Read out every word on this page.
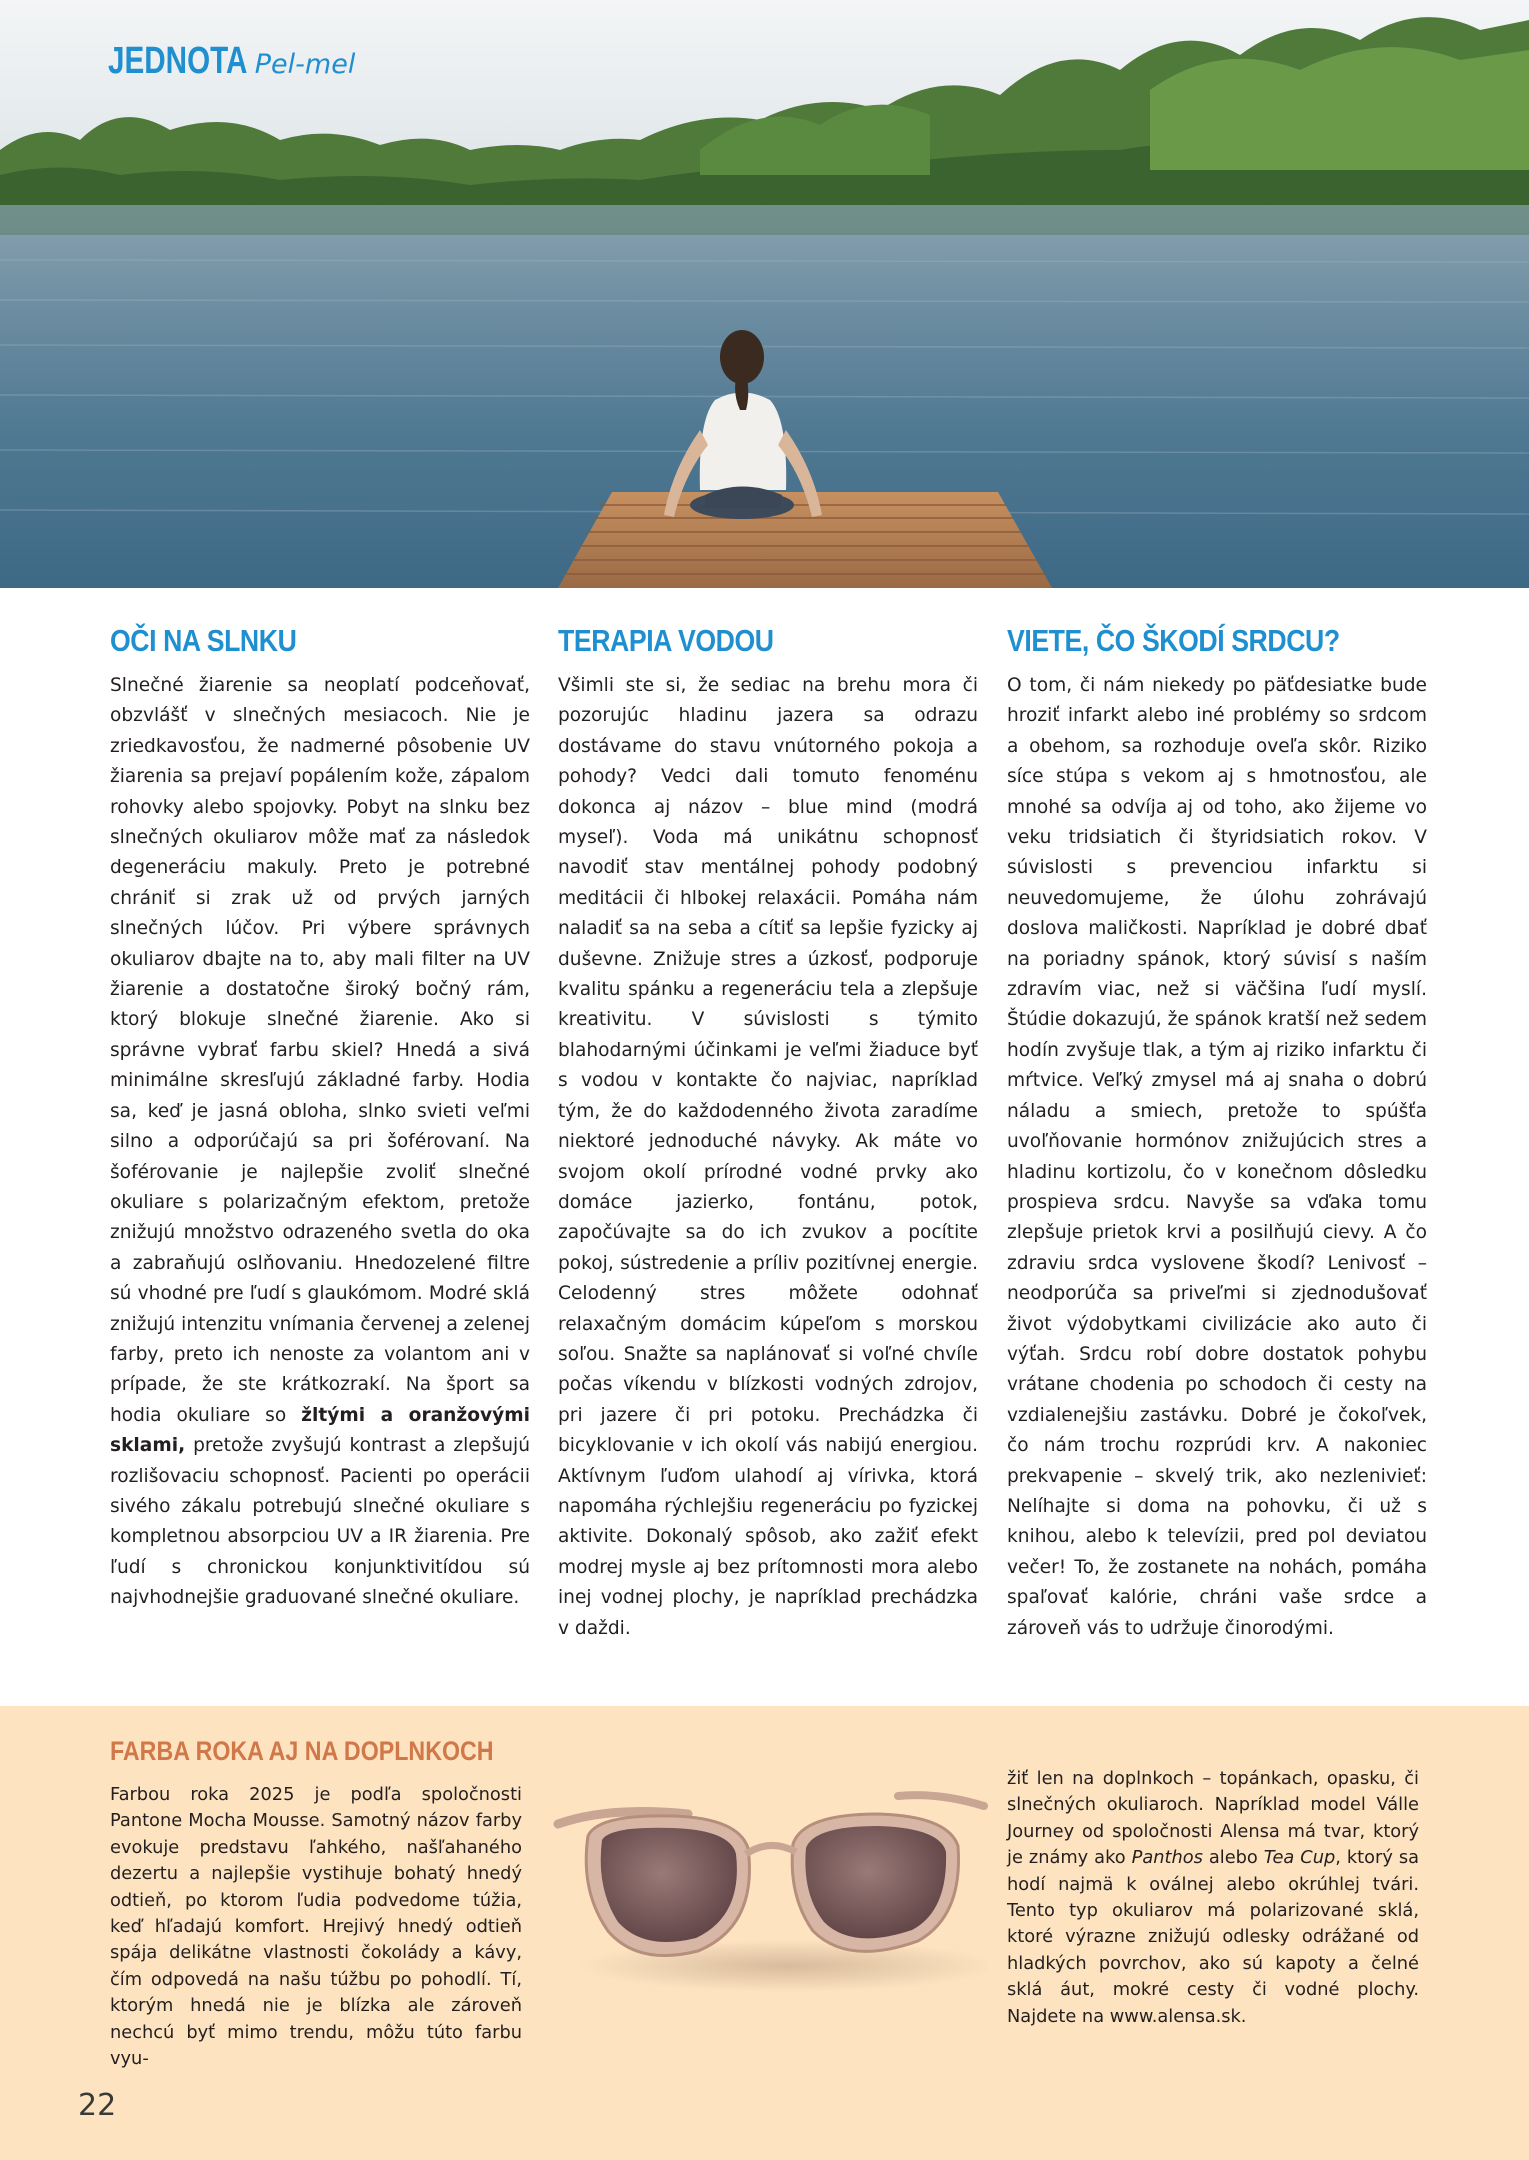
JEDNOTA Pel-mel
OČI NA SLNKU

Slnečné žiarenie sa neoplatí podceňovať, obzvlášť v slnečných mesiacoch. Nie je zriedkavosťou, že nadmerné pôsobenie UV žiarenia sa prejaví popálením kože, zápalom rohovky alebo spojovky. Pobyt na slnku bez slnečných okuliarov môže mať za následok degeneráciu makuly. Preto je potrebné chrániť si zrak už od prvých jarných slnečných lúčov. Pri výbere správnych okuliarov dbajte na to, aby mali filter na UV žiarenie a dostatočne široký bočný rám, ktorý blokuje slnečné žiarenie. Ako si správne vybrať farbu skiel? Hnedá a sivá minimálne skresľujú základné farby. Hodia sa, keď je jasná obloha, slnko svieti veľmi silno a odporúčajú sa pri šoférovaní. Na šoférovanie je najlepšie zvoliť slnečné okuliare s polarizačným efektom, pretože znižujú množstvo odrazeného svetla do oka a zabraňujú oslňovaniu. Hnedozelené filtre sú vhodné pre ľudí s glaukómom. Modré sklá znižujú intenzitu vnímania červenej a zelenej farby, preto ich nenoste za volantom ani v prípade, že ste krátkozrakí. Na šport sa hodia okuliare so žltými a oranžovými sklami, pretože zvyšujú kontrast a zlepšujú rozlišovaciu schopnosť. Pacienti po operácii sivého zákalu potrebujú slnečné okuliare s kompletnou absorpciou UV a IR žiarenia. Pre ľudí s chronickou konjunktivitídou sú najvhodnejšie graduované slnečné okuliare.

TERAPIA VODOU

Všimli ste si, že sediac na brehu mora či pozorujúc hladinu jazera sa odrazu dostávame do stavu vnútorného pokoja a pohody? Vedci dali tomuto fenoménu dokonca aj názov – blue mind (modrá myseľ). Voda má unikátnu schopnosť navodiť stav mentálnej pohody podobný meditácii či hlbokej relaxácii. Pomáha nám naladiť sa na seba a cítiť sa lepšie fyzicky aj duševne. Znižuje stres a úzkosť, podporuje kvalitu spánku a regeneráciu tela a zlepšuje kreativitu. V súvislosti s týmito blahodarnými účinkami je veľmi žiaduce byť s vodou v kontakte čo najviac, napríklad tým, že do každodenného života zaradíme niektoré jednoduché návyky. Ak máte vo svojom okolí prírodné vodné prvky ako domáce jazierko, fontánu, potok, započúvajte sa do ich zvukov a pocítite pokoj, sústredenie a príliv pozitívnej energie. Celodenný stres môžete odohnať relaxačným domácim kúpeľom s morskou soľou. Snažte sa naplánovať si voľné chvíle počas víkendu v blízkosti vodných zdrojov, pri jazere či pri potoku. Prechádzka či bicyklovanie v ich okolí vás nabijú energiou. Aktívnym ľuďom ulahodí aj vírivka, ktorá napomáha rýchlejšiu regeneráciu po fyzickej aktivite. Dokonalý spôsob, ako zažiť efekt modrej mysle aj bez prítomnosti mora alebo inej vodnej plochy, je napríklad prechádzka v daždi.

VIETE, ČO ŠKODÍ SRDCU?

O tom, či nám niekedy po päťdesiatke bude hroziť infarkt alebo iné problémy so srdcom a obehom, sa rozhoduje oveľa skôr. Riziko síce stúpa s vekom aj s hmotnosťou, ale mnohé sa odvíja aj od toho, ako žijeme vo veku tridsiatich či štyridsiatich rokov. V súvislosti s prevenciou infarktu si neuvedomujeme, že úlohu zohrávajú doslova maličkosti. Napríklad je dobré dbať na poriadny spánok, ktorý súvisí s naším zdravím viac, než si väčšina ľudí myslí. Štúdie dokazujú, že spánok kratší než sedem hodín zvyšuje tlak, a tým aj riziko infarktu či mŕtvice. Veľký zmysel má aj snaha o dobrú náladu a smiech, pretože to spúšťa uvoľňovanie hormónov znižujúcich stres a hladinu kortizolu, čo v konečnom dôsledku prospieva srdcu. Navyše sa vďaka tomu zlepšuje prietok krvi a posilňujú cievy. A čo zdraviu srdca vyslovene škodí? Lenivosť – neodporúča sa priveľmi si zjednodušovať život výdobytkami civilizácie ako auto či výťah. Srdcu robí dobre dostatok pohybu vrátane chodenia po schodoch či cesty na vzdialenejšiu zastávku. Dobré je čokoľvek, čo nám trochu rozprúdi krv. A nakoniec prekvapenie – skvelý trik, ako nezlenivieť: Nelíhajte si doma na pohovku, či už s knihou, alebo k televízii, pred pol deviatou večer! To, že zostanete na nohách, pomáha spaľovať kalórie, chráni vaše srdce a zároveň vás to udržuje činorodými.

FARBA ROKA AJ NA DOPLNKOCH
Farbou roka 2025 je podľa spoločnosti Pantone Mocha Mousse. Samotný názov farby evokuje predstavu ľahkého, našľahaného dezertu a najlepšie vystihuje bohatý hnedý odtieň, po ktorom ľudia podvedome túžia, keď hľadajú komfort. Hrejivý hnedý odtieň spája delikátne vlastnosti čokolády a kávy, čím odpovedá na našu túžbu po pohodlí. Tí, ktorým hnedá nie je blízka ale zároveň nechcú byť mimo trendu, môžu túto farbu vyu-
žiť len na doplnkoch – topánkach, opasku, či slnečných okuliaroch. Napríklad model Válle Journey od spoločnosti Alensa má tvar, ktorý je známy ako Panthos alebo Tea Cup, ktorý sa hodí najmä k oválnej alebo okrúhlej tvári. Tento typ okuliarov má polarizované sklá, ktoré výrazne znižujú odlesky odrážané od hladkých povrchov, ako sú kapoty a čelné sklá áut, mokré cesty či vodné plochy. Najdete na www.alensa.sk.
22
